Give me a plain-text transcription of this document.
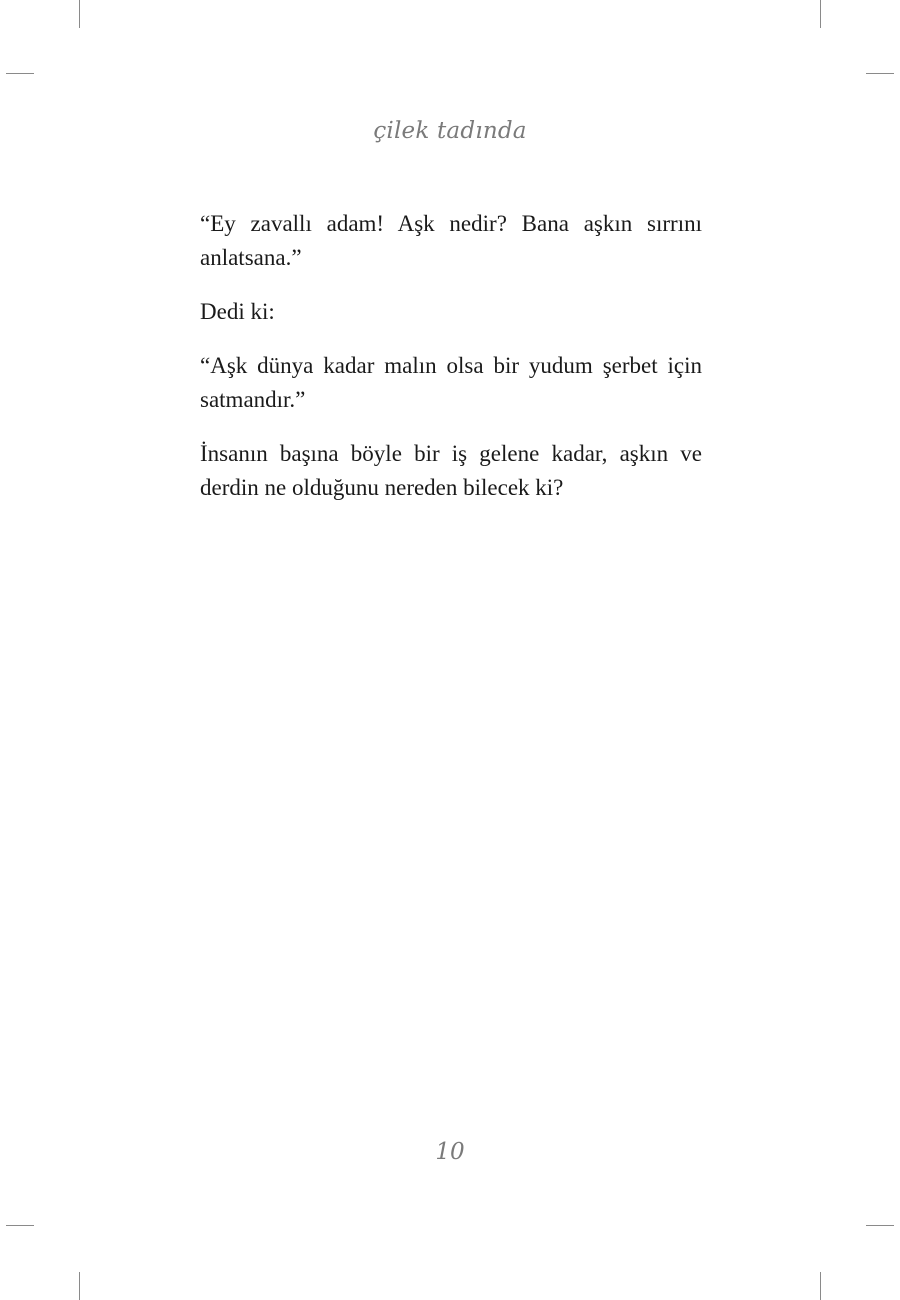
çilek tadında

“Ey zavallı adam! Aşk nedir? Bana aşkın sırrını anlatsana.”

Dedi ki:

“Aşk dünya kadar malın olsa bir yudum şerbet için satmandır.”

İnsanın başına böyle bir iş gelene kadar, aşkın ve derdin ne olduğunu nereden bilecek ki?

10
